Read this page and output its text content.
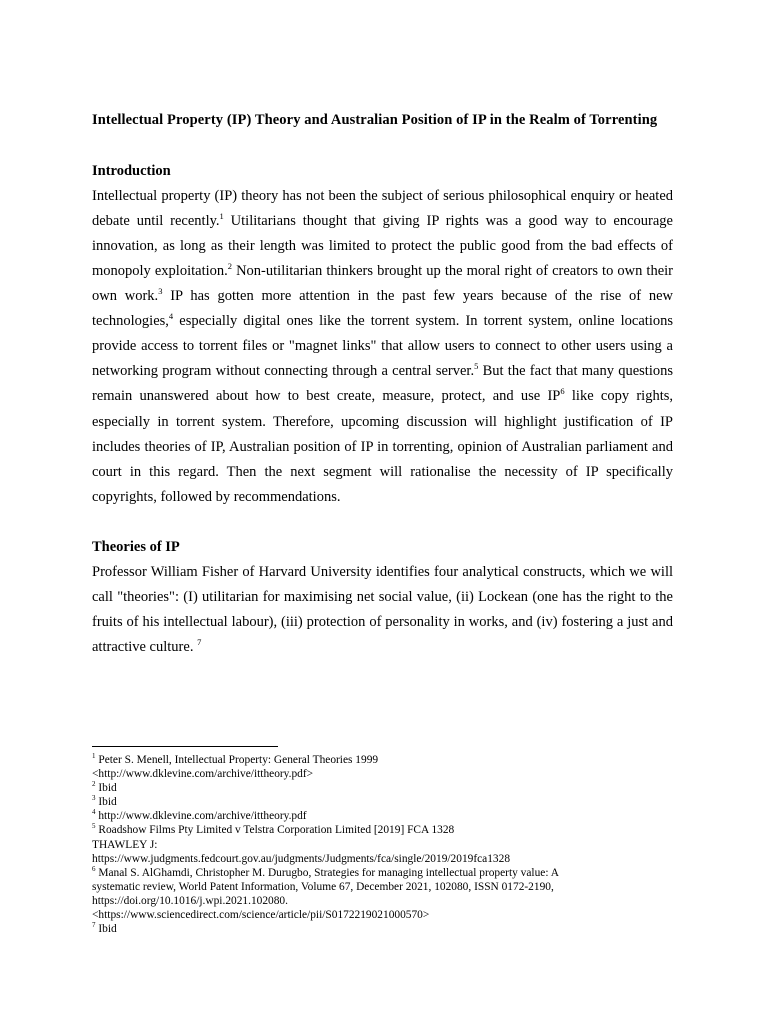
Intellectual Property (IP) Theory and Australian Position of IP in the Realm of Torrenting
Introduction

Intellectual property (IP) theory has not been the subject of serious philosophical enquiry or heated debate until recently.$^1$ Utilitarians thought that giving IP rights was a good way to encourage innovation, as long as their length was limited to protect the public good from the bad effects of monopoly exploitation.$^2$ Non-utilitarian thinkers brought up the moral right of creators to own their own work.$^3$ IP has gotten more attention in the past few years because of the rise of new technologies,$^4$ especially digital ones like the torrent system. In torrent system, online locations provide access to torrent files or "magnet links" that allow users to connect to other users using a networking program without connecting through a central server.$^5$ But the fact that many questions remain unanswered about how to best create, measure, protect, and use IP$^6$ like copy rights, especially in torrent system. Therefore, upcoming discussion will highlight justification of IP includes theories of IP, Australian position of IP in torrenting, opinion of Australian parliament and court in this regard. Then the next segment will rationalise the necessity of IP specifically copyrights, followed by recommendations.

Theories of IP

Professor William Fisher of Harvard University identifies four analytical constructs, which we will call "theories": (I) utilitarian for maximising net social value, (ii) Lockean (one has the right to the fruits of his intellectual labour), (iii) protection of personality in works, and (iv) fostering a just and attractive culture. $^7$

$^1$ Peter S. Menell, Intellectual Property: General Theories 1999
<http://www.dklevine.com/archive/ittheory.pdf>
$^2$ Ibid
$^3$ Ibid
$^4$ http://www.dklevine.com/archive/ittheory.pdf
$^5$ Roadshow Films Pty Limited v Telstra Corporation Limited [2019] FCA 1328
THAWLEY J:
https://www.judgments.fedcourt.gov.au/judgments/Judgments/fca/single/2019/2019fca1328
$^6$ Manal S. AlGhamdi, Christopher M. Durugbo, Strategies for managing intellectual property value: A
systematic review, World Patent Information, Volume 67, December 2021, 102080, ISSN 0172-2190,
https://doi.org/10.1016/j.wpi.2021.102080.
<https://www.sciencedirect.com/science/article/pii/S0172219021000570>
$^7$ Ibid
